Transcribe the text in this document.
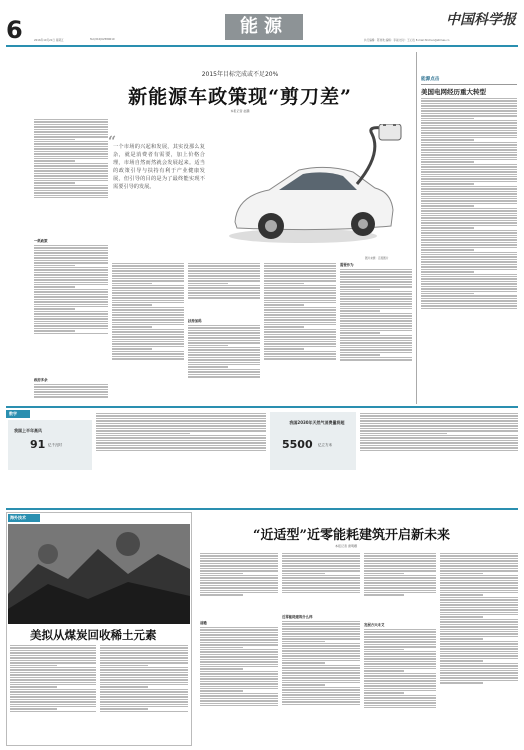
6	2016年10月21日 星期五	Tel:(010)62580610
能源	中国科学报
执行编辑：陈欢欢 编辑：李淑 校对：王心怡 E-mail:hhchen@stimes.cn
2015年目标完成或不足20%
新能源车政策现“剪刀差”
本报记者 赵鹏
一纸政策
政府多余
“
一个市场的兴起和发展，其实没那么复杂，就是消费者有需要，加上价格合理，市场自然而然就会发展起来。适当的政策引导与扶持有利于产业健康发展，但引导的目的是为了最终能实现不需要引导的发展。
图片来源：百度图片
扶持加码
需要作为
能源点击
美国电网经历重大转型
数字
我国上半年高风
91 亿千瓦时
我国2030年天然气消费量将超
5500 亿立方米
“近适型”近零能耗建筑开启新未来
本报记者 唐明卿
前瞻
近零能耗建筑什么样
发展方兴未艾
海外技术
美拟从煤炭回收稀土元素
